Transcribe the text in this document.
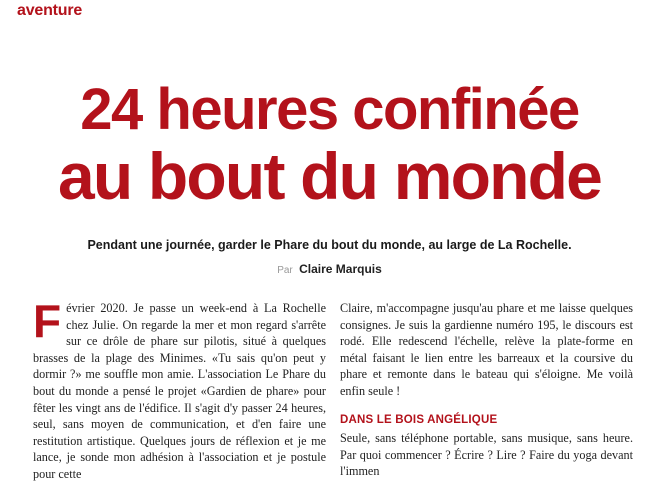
aventure
24 heures confinée
au bout du monde
Pendant une journée, garder le Phare du bout du monde, au large de La Rochelle.
Par Claire Marquis
F évrier 2020. Je passe un week-end à La Rochelle chez Julie. On regarde la mer et mon regard s'arrête sur ce drôle de phare sur pilotis, situé à quelques brasses de la plage des Minimes. «Tu sais qu'on peut y dormir ?» me souffle mon amie. L'association Le Phare du bout du monde a pensé le projet «Gardien de phare» pour fêter les vingt ans de l'édifice. Il s'agit d'y passer 24 heures, seul, sans moyen de communication, et d'en faire une restitution artistique. Quelques jours de réflexion et je me lance, je sonde mon adhésion à l'association et je postule pour cette

Claire, m'accompagne jusqu'au phare et me laisse quelques consignes. Je suis la gardienne numéro 195, le discours est rodé. Elle redescend l'échelle, relève la plate-forme en métal faisant le lien entre les barreaux et la coursive du phare et remonte dans le bateau qui s'éloigne. Me voilà enfin seule !

DANS LE BOIS ANGÉLIQUE

Seule, sans téléphone portable, sans musique, sans heure. Par quoi commencer ? Écrire ? Lire ? Faire du yoga devant l'immen
